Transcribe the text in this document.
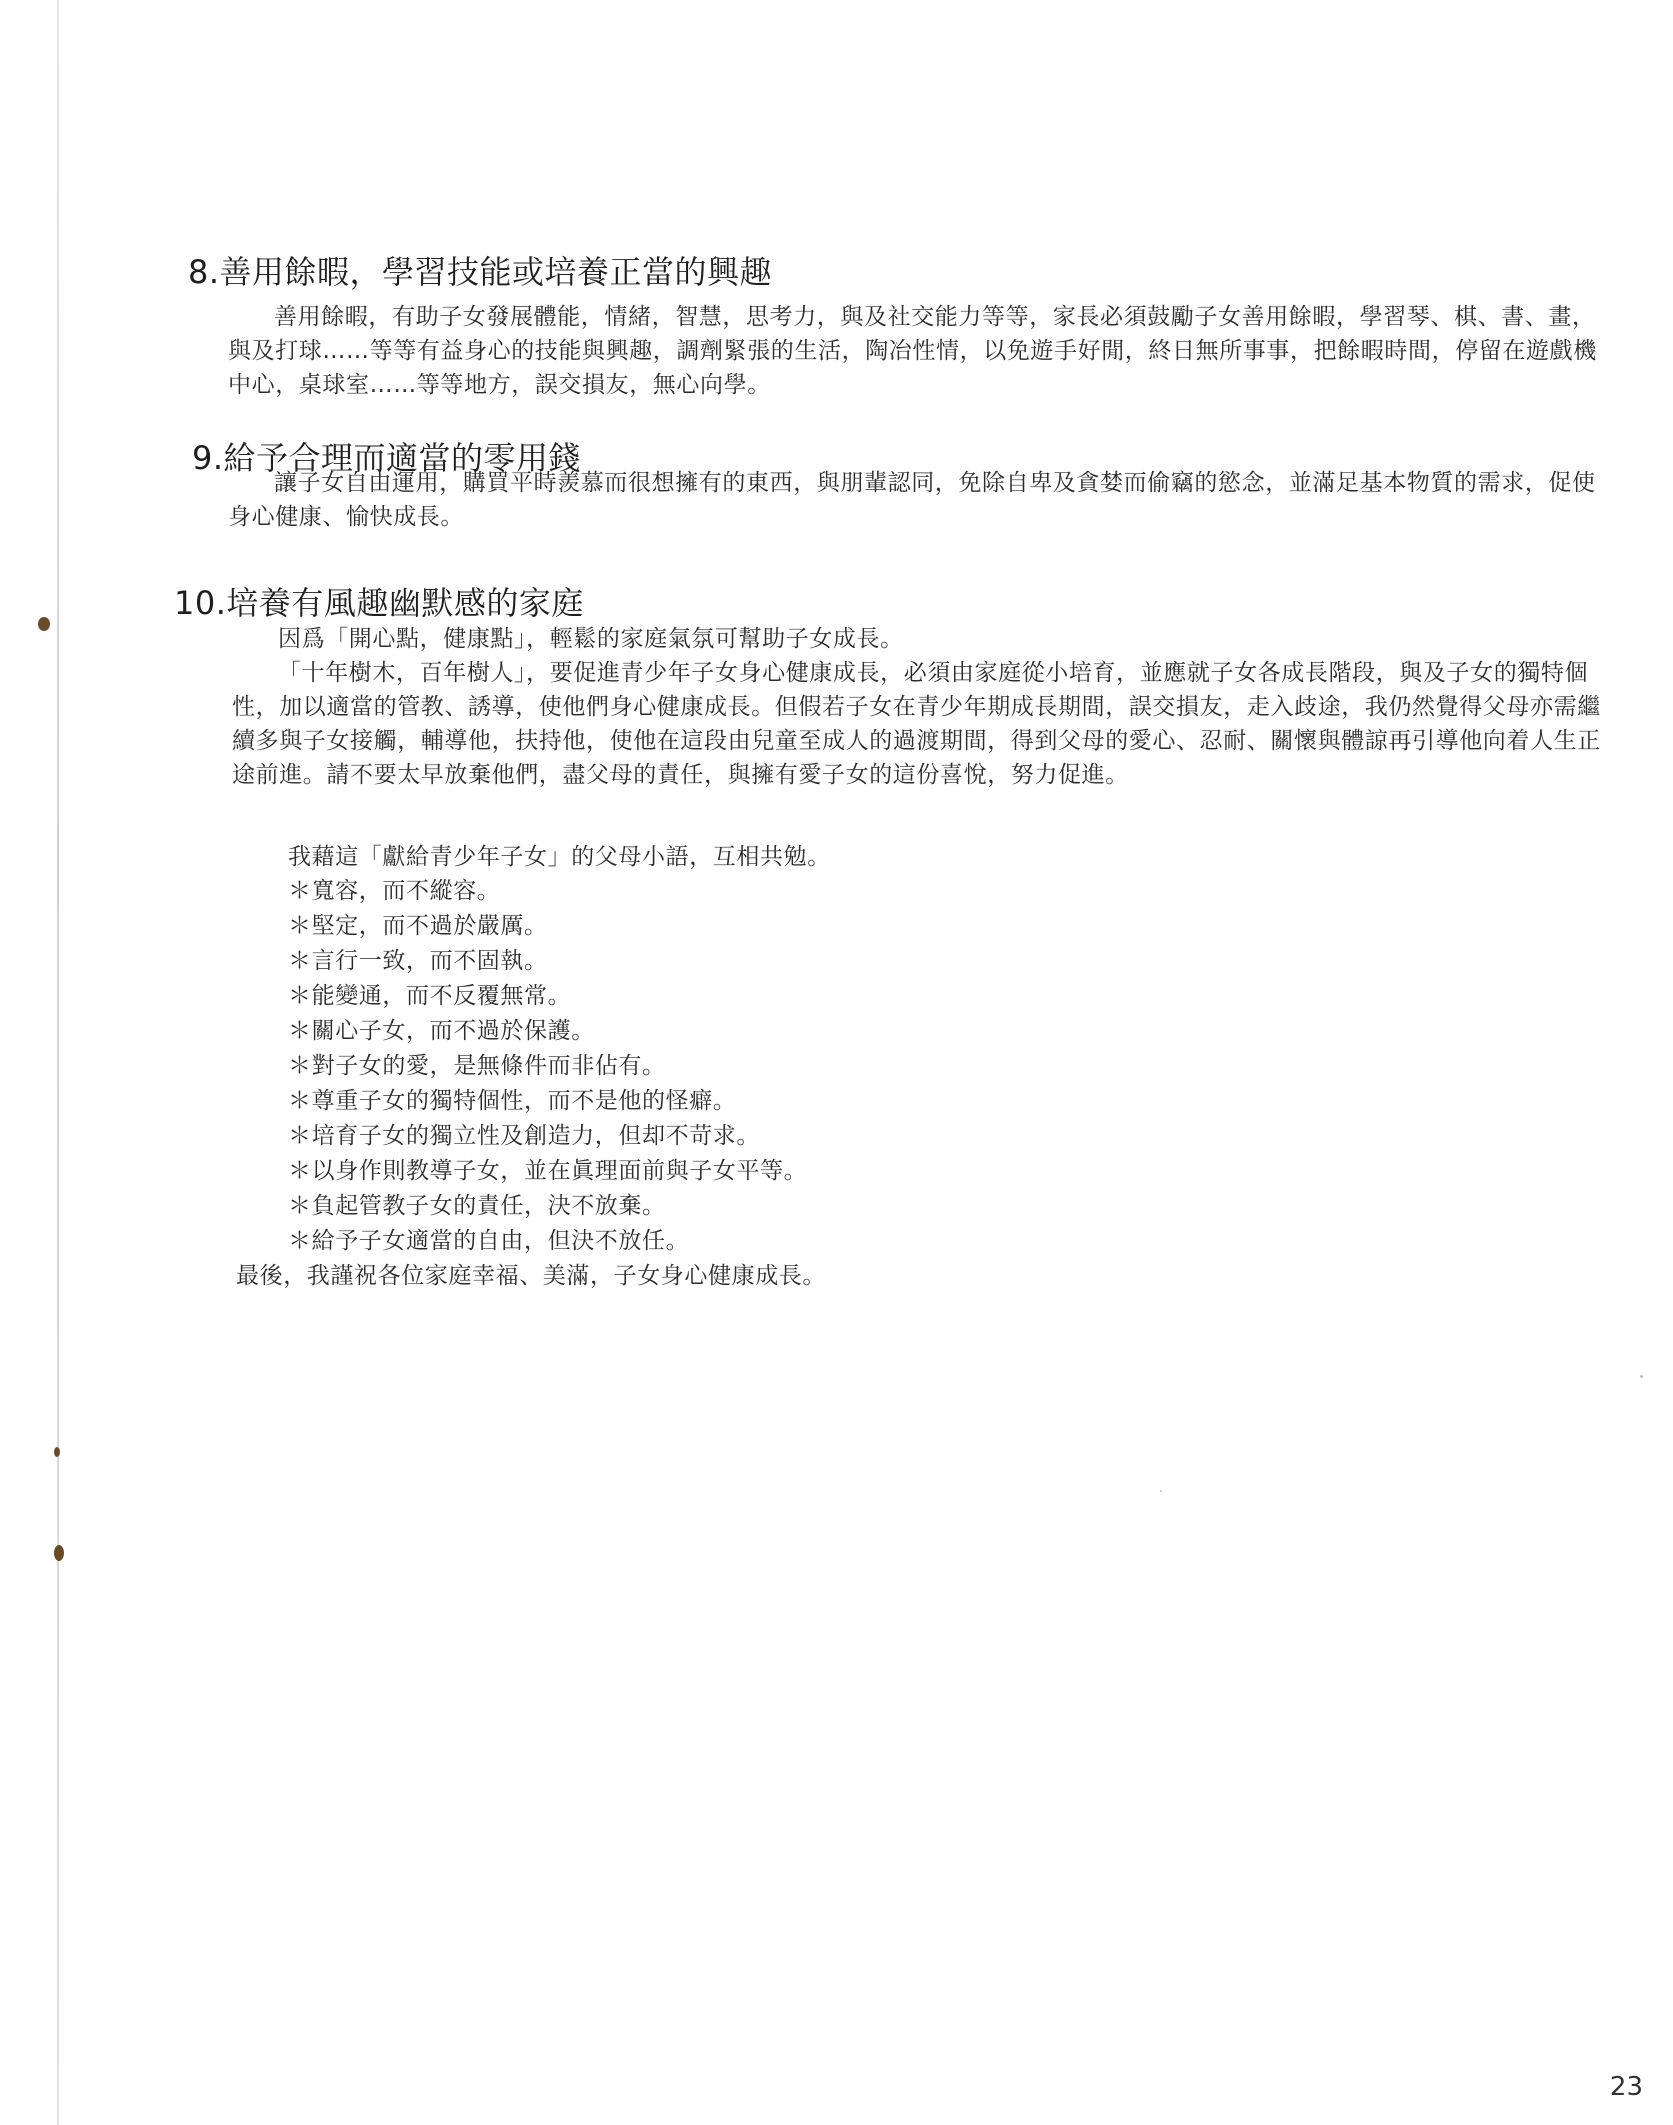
8.善用餘暇，學習技能或培養正當的興趣
善用餘暇，有助子女發展體能，情緒，智慧，思考力，與及社交能力等等，家長必須鼓勵子女善用餘暇，學習琴、棋、書、畫，與及打球……等等有益身心的技能與興趣，調劑緊張的生活，陶冶性情，以免遊手好閒，終日無所事事，把餘暇時間，停留在遊戲機中心，桌球室……等等地方，誤交損友，無心向學。
9.給予合理而適當的零用錢
讓子女自由運用，購買平時羨慕而很想擁有的東西，與朋輩認同，免除自卑及貪婪而偷竊的慾念，並滿足基本物質的需求，促使身心健康、愉快成長。
10.培養有風趣幽默感的家庭
因爲「開心點，健康點」，輕鬆的家庭氣氛可幫助子女成長。
「十年樹木，百年樹人」，要促進青少年子女身心健康成長，必須由家庭從小培育，並應就子女各成長階段，與及子女的獨特個性，加以適當的管教、誘導，使他們身心健康成長。但假若子女在青少年期成長期間，誤交損友，走入歧途，我仍然覺得父母亦需繼續多與子女接觸，輔導他，扶持他，使他在這段由兒童至成人的過渡期間，得到父母的愛心、忍耐、關懷與體諒再引導他向着人生正途前進。請不要太早放棄他們，盡父母的責任，與擁有愛子女的這份喜悅，努力促進。
我藉這「獻給青少年子女」的父母小語，互相共勉。
＊寬容，而不縱容。
＊堅定，而不過於嚴厲。
＊言行一致，而不固執。
＊能變通，而不反覆無常。
＊關心子女，而不過於保護。
＊對子女的愛，是無條件而非佔有。
＊尊重子女的獨特個性，而不是他的怪癖。
＊培育子女的獨立性及創造力，但却不苛求。
＊以身作則教導子女，並在眞理面前與子女平等。
＊負起管教子女的責任，決不放棄。
＊給予子女適當的自由，但決不放任。
最後，我謹祝各位家庭幸福、美滿，子女身心健康成長。
23
